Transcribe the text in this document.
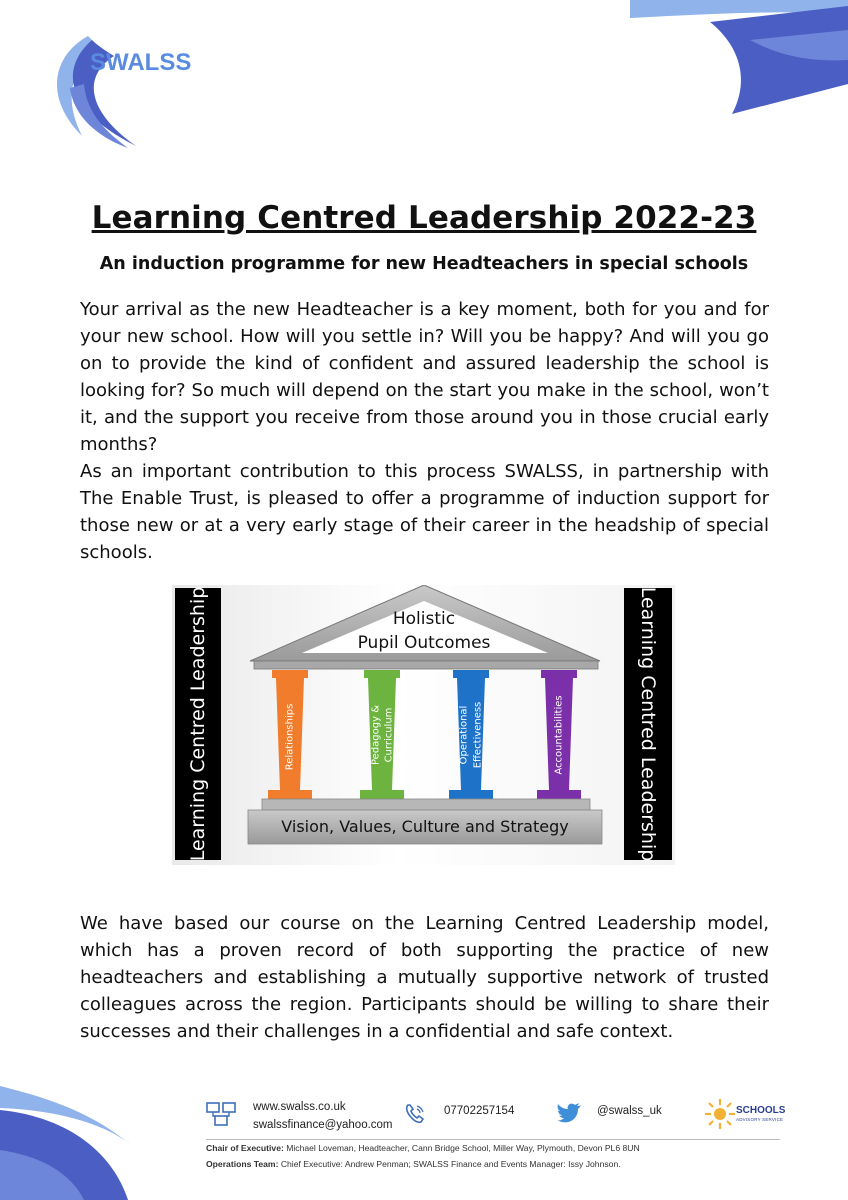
SWALSS
Learning Centred Leadership 2022-23
An induction programme for new Headteachers in special schools

Your arrival as the new Headteacher is a key moment, both for you and for your new school. How will you settle in? Will you be happy? And will you go on to provide the kind of confident and assured leadership the school is looking for? So much will depend on the start you make in the school, won’t it, and the support you receive from those around you in those crucial early months?

As an important contribution to this process SWALSS, in partnership with The Enable Trust, is pleased to offer a programme of induction support for those new or at a very early stage of their career in the headship of special schools.

Learning Centred Leadership	Learning Centred Leadership
Holistic
Pupil Outcomes
Relationships	Pedagogy & Curriculum	Operational Effectiveness	Accountabilities
Vision, Values, Culture and Strategy

We have based our course on the Learning Centred Leadership model, which has a proven record of both supporting the practice of new headteachers and establishing a mutually supportive network of trusted colleagues across the region. Participants should be willing to share their successes and their challenges in a confidential and safe context.

www.swalss.co.uk
swalssfinance@yahoo.com
07702257154	@swalss_uk	SCHOOLS
ADVISORY SERVICE
Chair of Executive: Michael Loveman, Headteacher, Cann Bridge School, Miller Way, Plymouth, Devon PL6 8UN
Operations Team: Chief Executive: Andrew Penman; SWALSS Finance and Events Manager: Issy Johnson.
